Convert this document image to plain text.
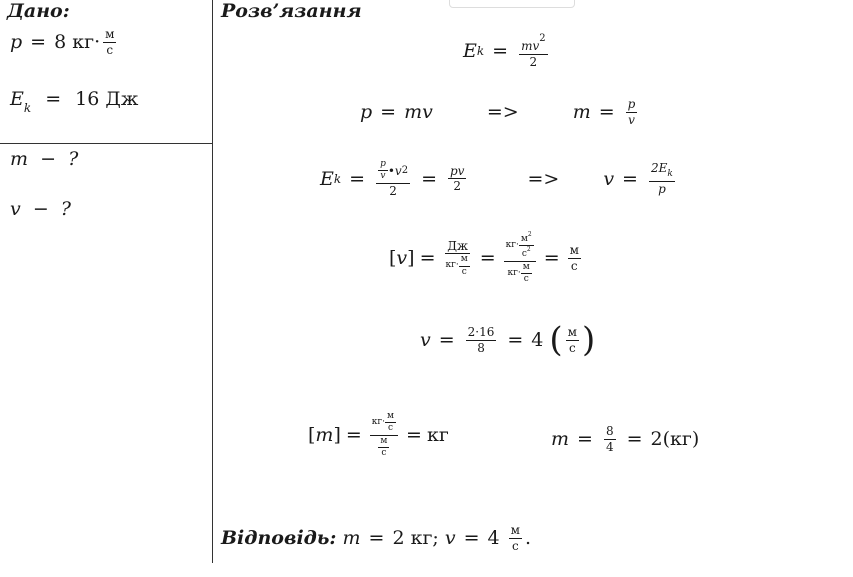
Дано:
p = 8
$кг\cdot \frac{м}{с}$
$E_k = 16$ Дж
m  −  ?
v  −  ?
Розв’язання
E $k = \frac{mv^2}{2}$
p = mv	=>	$m = \frac{p}{v}$
E $k = \frac{\frac{p}{v} • v 2}{2} = \frac{pv}{2}$	=> $v = \frac{2E_k}{p}$
[ v ] = $\frac{Дж}{кг\cdot \frac{м}{с}} = \frac{кг\cdot \frac{м^2}{с^2}}{кг\cdot \frac{м}{с}} = \frac{м}{с}$
$v = \frac{2\cdot 16}{8} = 4$ ( $\frac{м}{с}$ )
[ m ] = $\frac{кг\cdot \frac{м}{с}}{\frac{м}{с}}$ = кг	$m = \frac{8}{4} = 2(кг)$
Відповідь:
m = 2 кг;
v = 4
$\frac{м}{с}$ .
